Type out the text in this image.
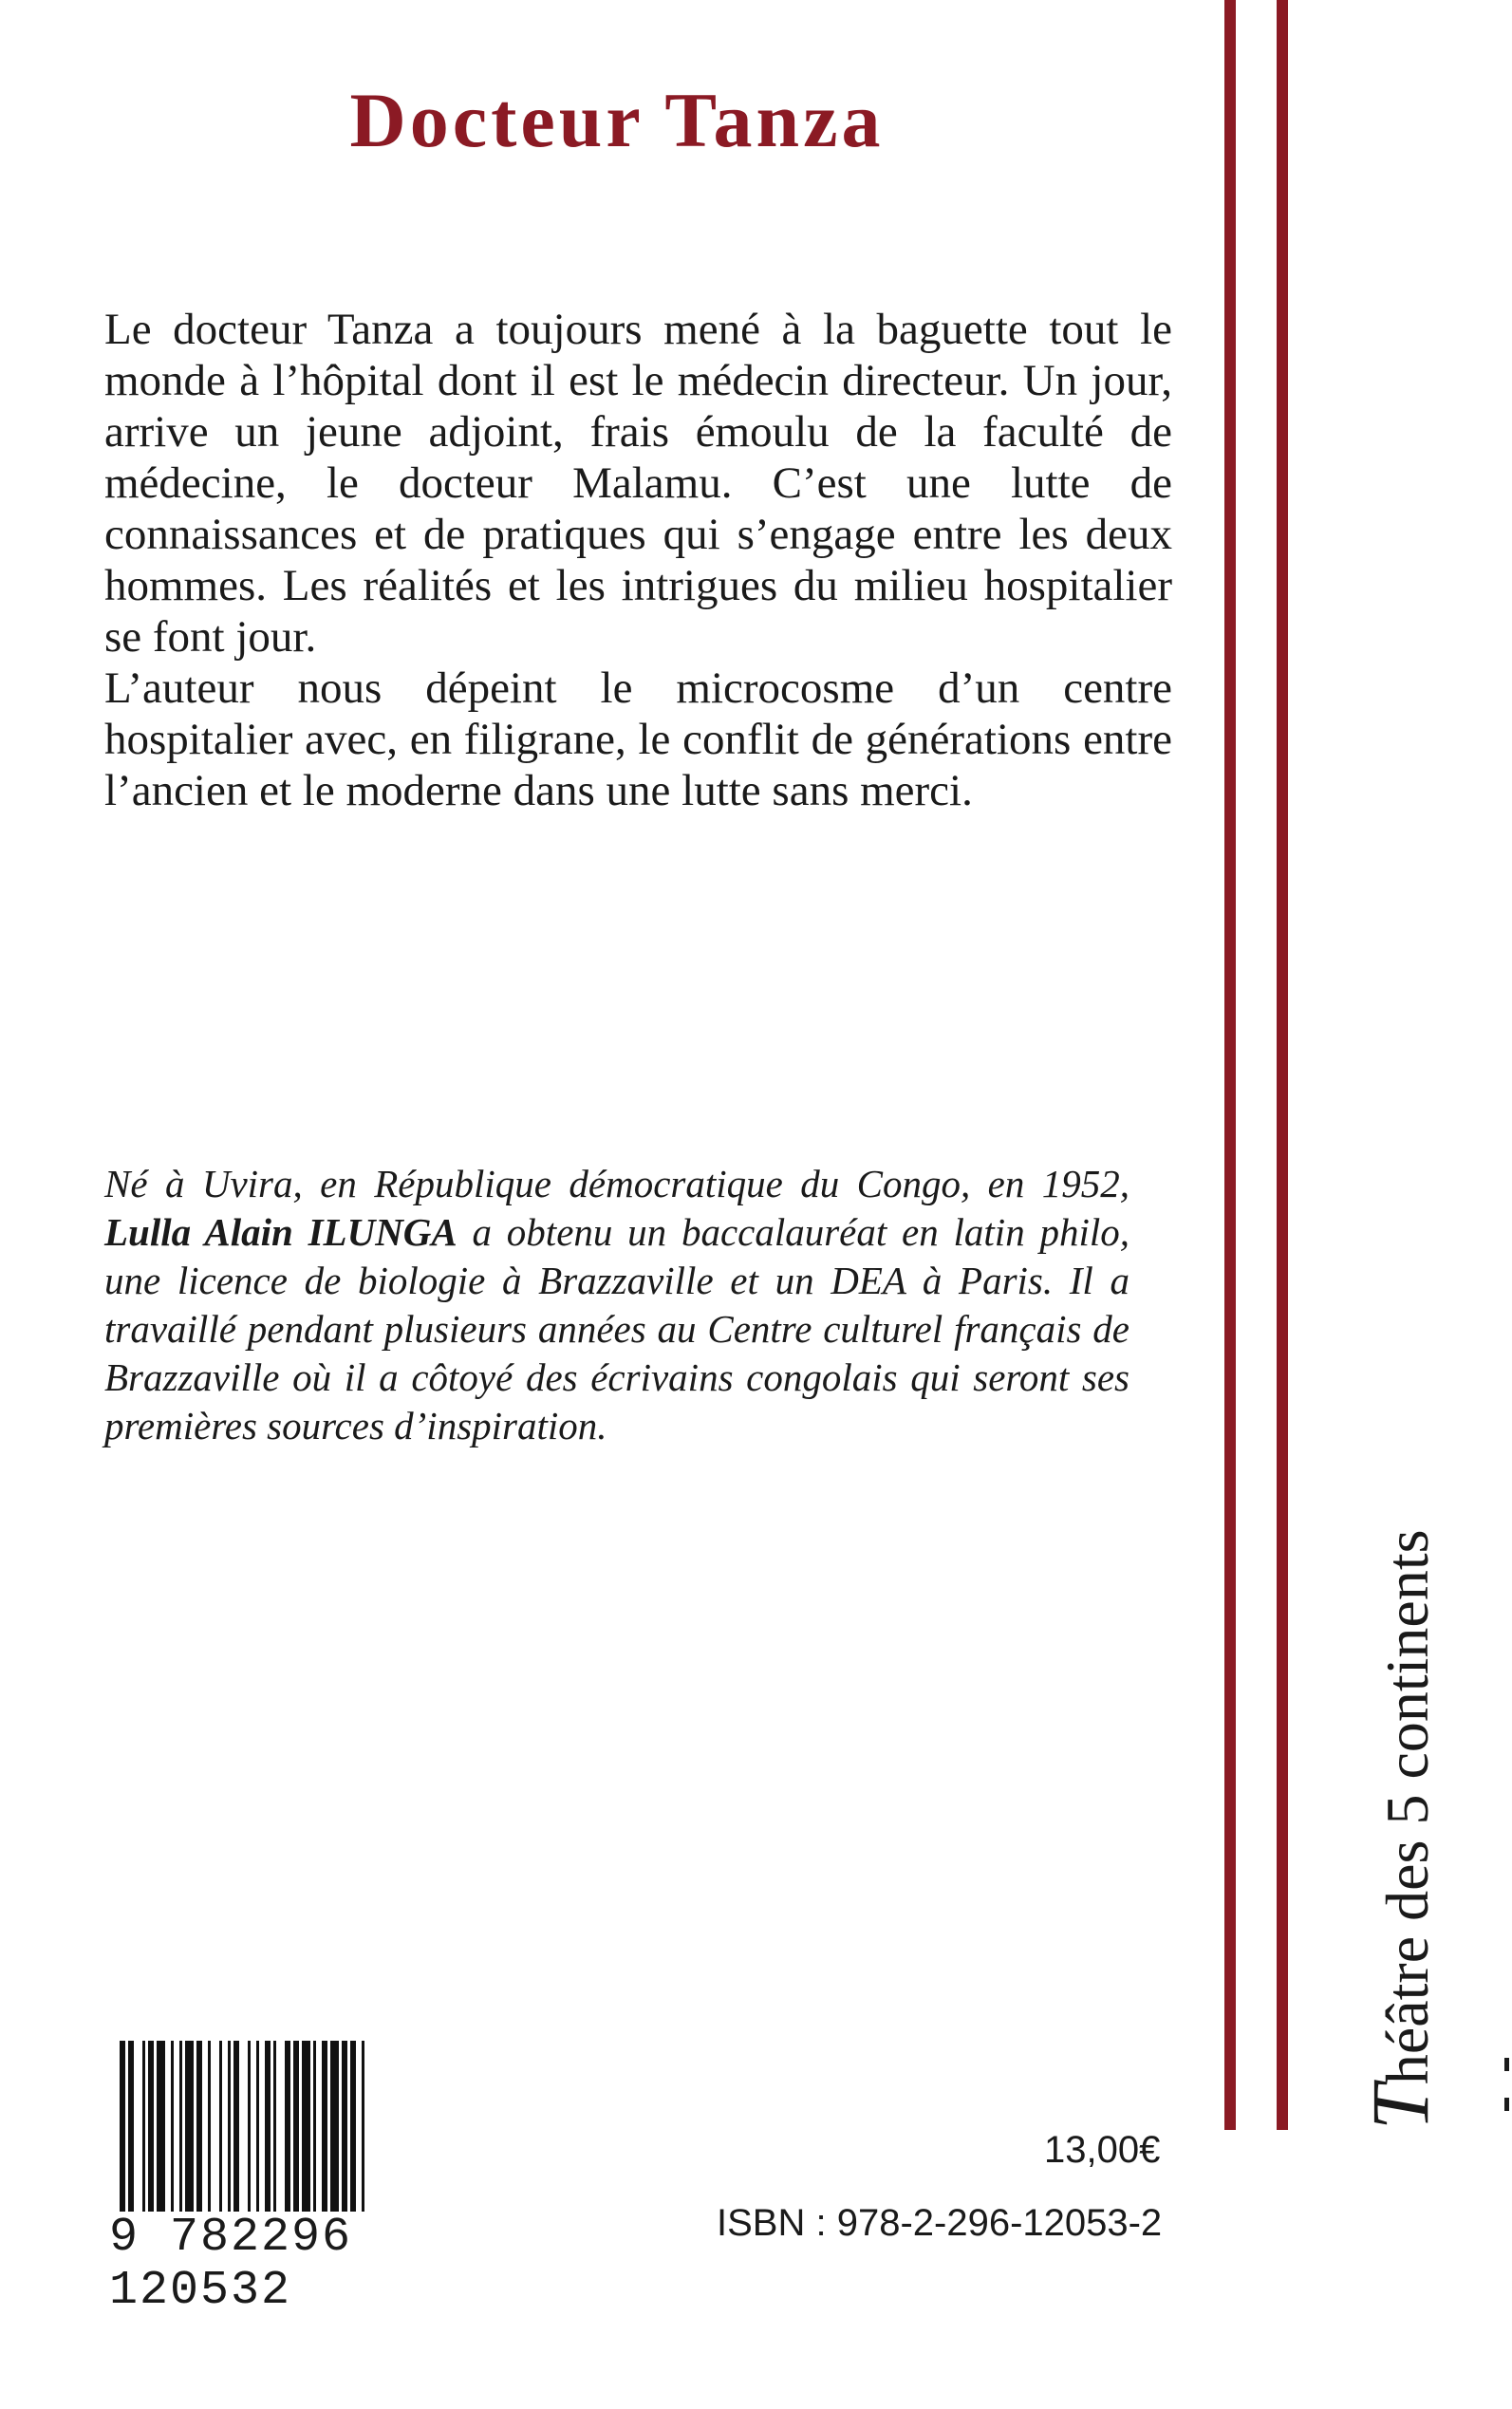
Docteur Tanza

Le docteur Tanza a toujours mené à la baguette tout le monde à l’hôpital dont il est le médecin directeur. Un jour, arrive un jeune adjoint, frais émoulu de la faculté de médecine, le docteur Malamu. C’est une lutte de connaissances et de pratiques qui s’engage entre les deux hommes. Les réalités et les intrigues du milieu hospitalier se font jour.

L’auteur nous dépeint le microcosme d’un centre hospitalier avec, en filigrane, le conflit de générations entre l’ancien et le moderne dans une lutte sans merci.

Né à Uvira, en République démocratique du Congo, en 1952, Lulla Alain ILUNGA a obtenu un baccalauréat en latin philo, une licence de biologie à Brazzaville et un DEA à Paris. Il a travaillé pendant plusieurs années au Centre culturel français de Brazzaville où il a côtoyé des écrivains congolais qui seront ses premières sources d’inspiration.

Théâtre des 5 continents
9 782296 120532
13,00€
ISBN : 978-2-296-12053-2
